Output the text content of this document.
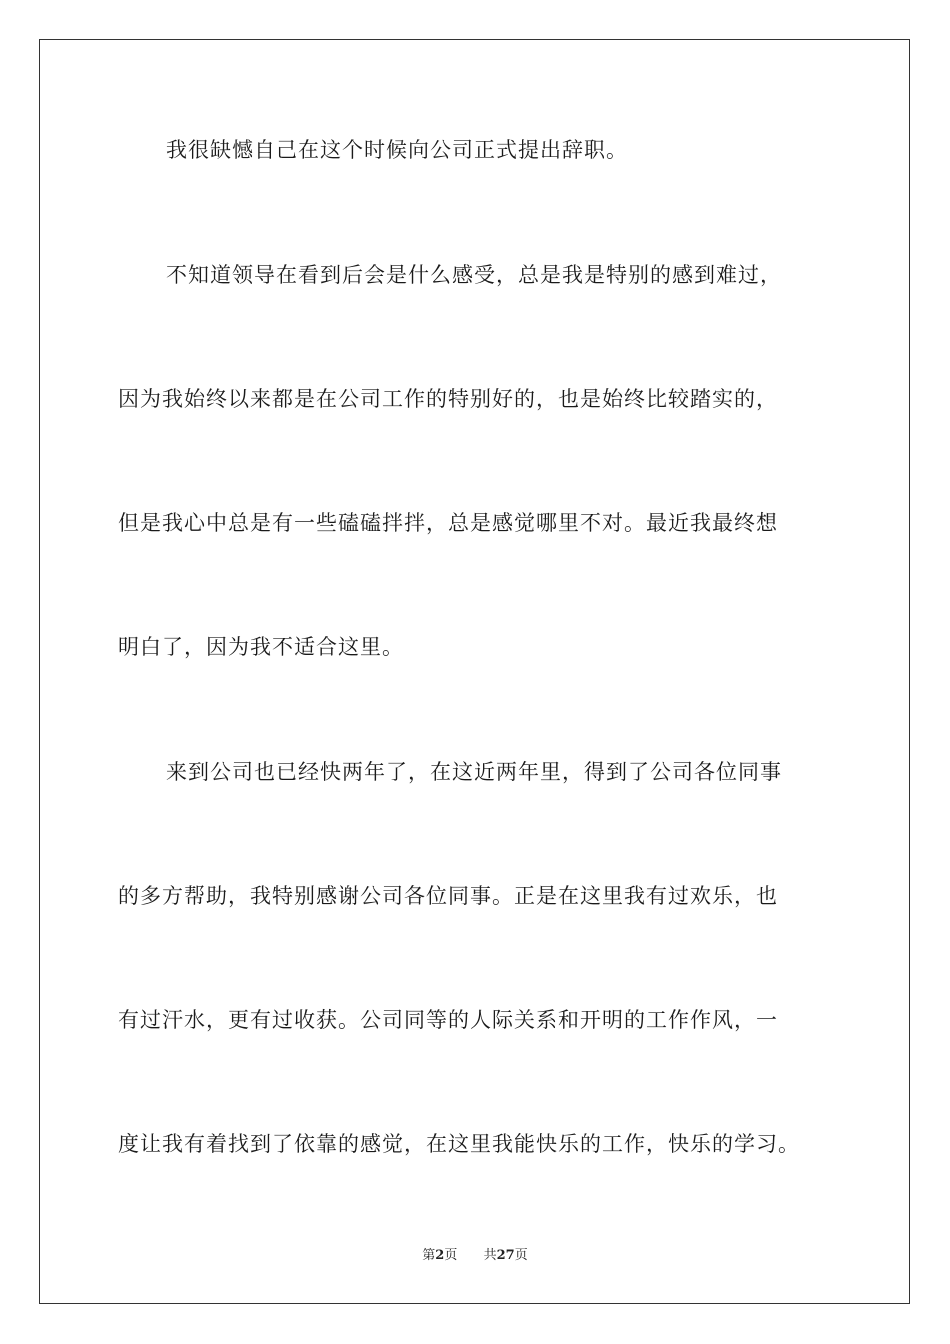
我很缺憾自己在这个时候向公司正式提出辞职。
不知道领导在看到后会是什么感受，总是我是特别的感到难过，
因为我始终以来都是在公司工作的特别好的，也是始终比较踏实的，
但是我心中总是有一些磕磕拌拌，总是感觉哪里不对。最近我最终想
明白了，因为我不适合这里。
来到公司也已经快两年了，在这近两年里，得到了公司各位同事
的多方帮助，我特别感谢公司各位同事。正是在这里我有过欢乐，也
有过汗水，更有过收获。公司同等的人际关系和开明的工作作风，一
度让我有着找到了依靠的感觉，在这里我能快乐的工作，快乐的学习。
第2页 共27页
